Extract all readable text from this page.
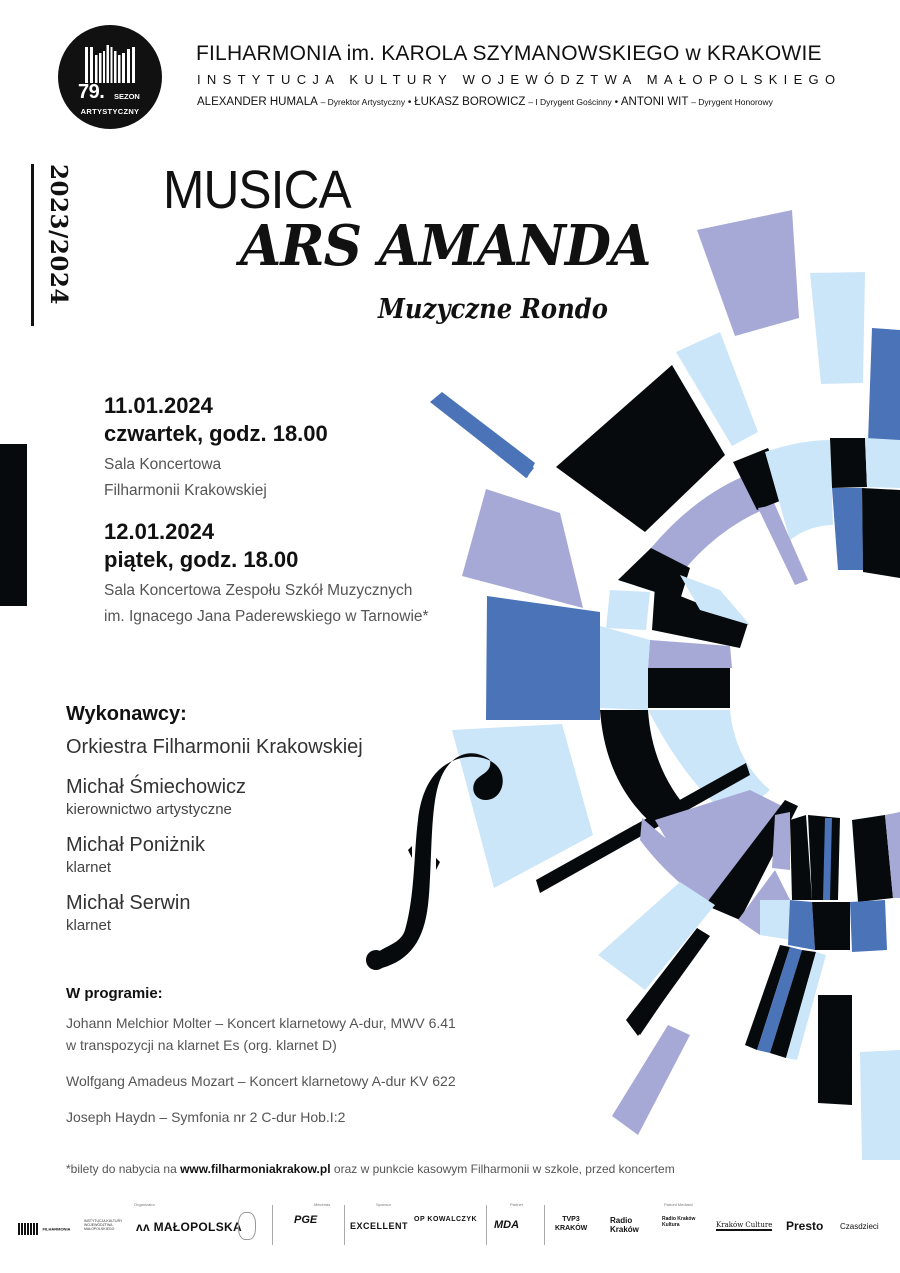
79. SEZON
ARTYSTYCZNY
FILHARMONIA im. KAROLA SZYMANOWSKIEGO w KRAKOWIE
INSTYTUCJA KULTURY WOJEWÓDZTWA MAŁOPOLSKIEGO
ALEXANDER HUMALA – Dyrektor Artystyczny • ŁUKASZ BOROWICZ – I Dyrygent Gościnny • ANTONI WIT – Dyrygent Honorowy
2023/2024 MUSICA
ARS AMANDA
Muzyczne Rondo
11.01.2024
czwartek, godz. 18.00
Sala Koncertowa
Filharmonii Krakowskiej
12.01.2024
piątek, godz. 18.00
Sala Koncertowa Zespołu Szkół Muzycznych
im. Ignacego Jana Paderewskiego w Tarnowie*
Wykonawcy:
Orkiestra Filharmonii Krakowskiej
Michał Śmiechowicz
kierownictwo artystyczne
Michał Poniżnik
klarnet
Michał Serwin
klarnet
W programie:
Johann Melchior Molter – Koncert klarnetowy A-dur, MWV 6.41
w transpozycji na klarnet Es (org. klarnet D)
Wolfgang Amadeus Mozart – Koncert klarnetowy A-dur KV 622
Joseph Haydn – Symfonia nr 2 C-dur Hob.I:2
*bilety do nabycia na www.filharmoniakrakow.pl oraz w punkcie kasowym Filharmonii w szkole, przed koncertem
Organizator	Mecenas	Sponsor	Partner	Patroni Medialni
FILHARMONIA
INSTYTUCJA KULTURY WOJEWÓDZTWA MAŁOPOLSKIEGO	ᴧᴧ MAŁOPOLSKA	PGE	EXCELLENT
OP KOWALCZYK MDA	TVP3 KRAKÓW
Radio Kraków
Radio Kraków Kultura	Kraków Culture Presto Czasdzieci
